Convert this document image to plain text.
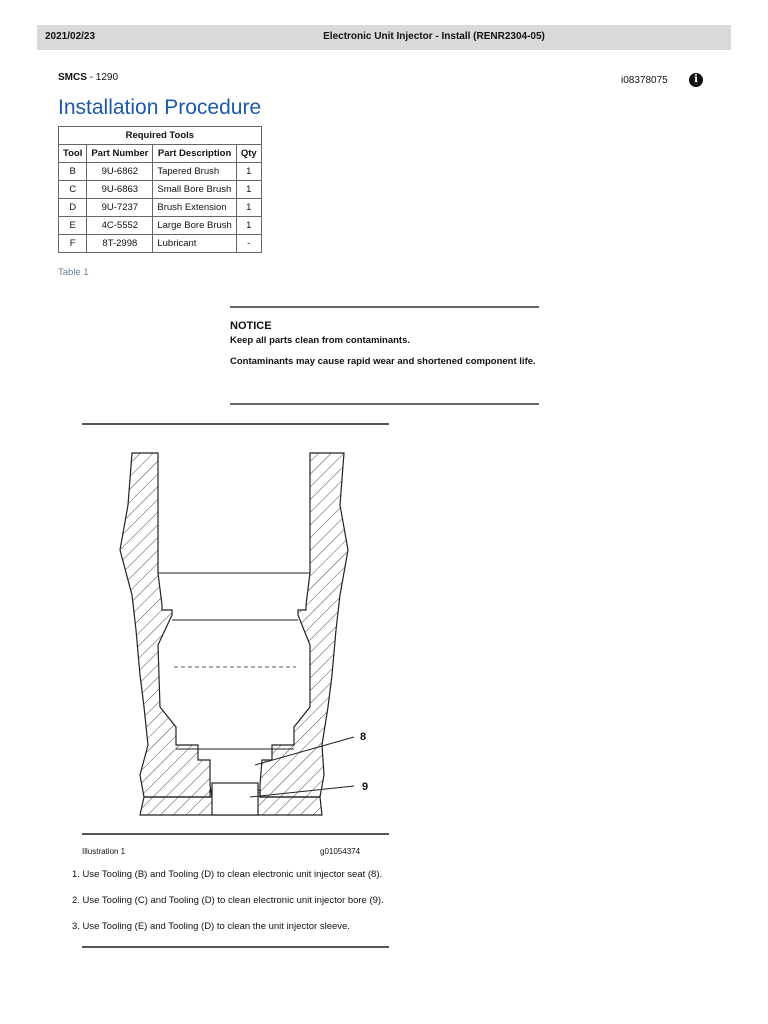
2021/02/23	Electronic Unit Injector - Install (RENR2304-05)
SMCS - 1290	i08378075	i
Installation Procedure
Required Tools			
Tool	Part Number	Part Description	Qty
B	9U-6862	Tapered Brush	1
C	9U-6863	Small Bore Brush	1
D	9U-7237	Brush Extension	1
E	4C-5552	Large Bore Brush	1
F	8T-2998	Lubricant	-
Table 1
NOTICE
Keep all parts clean from contaminants.
Contaminants may cause rapid wear and shortened component life.
8
9
Illustration 1	g01054374
1. Use Tooling (B) and Tooling (D) to clean electronic unit injector seat (8).
2. Use Tooling (C) and Tooling (D) to clean electronic unit injector bore (9).
3. Use Tooling (E) and Tooling (D) to clean the unit injector sleeve.
